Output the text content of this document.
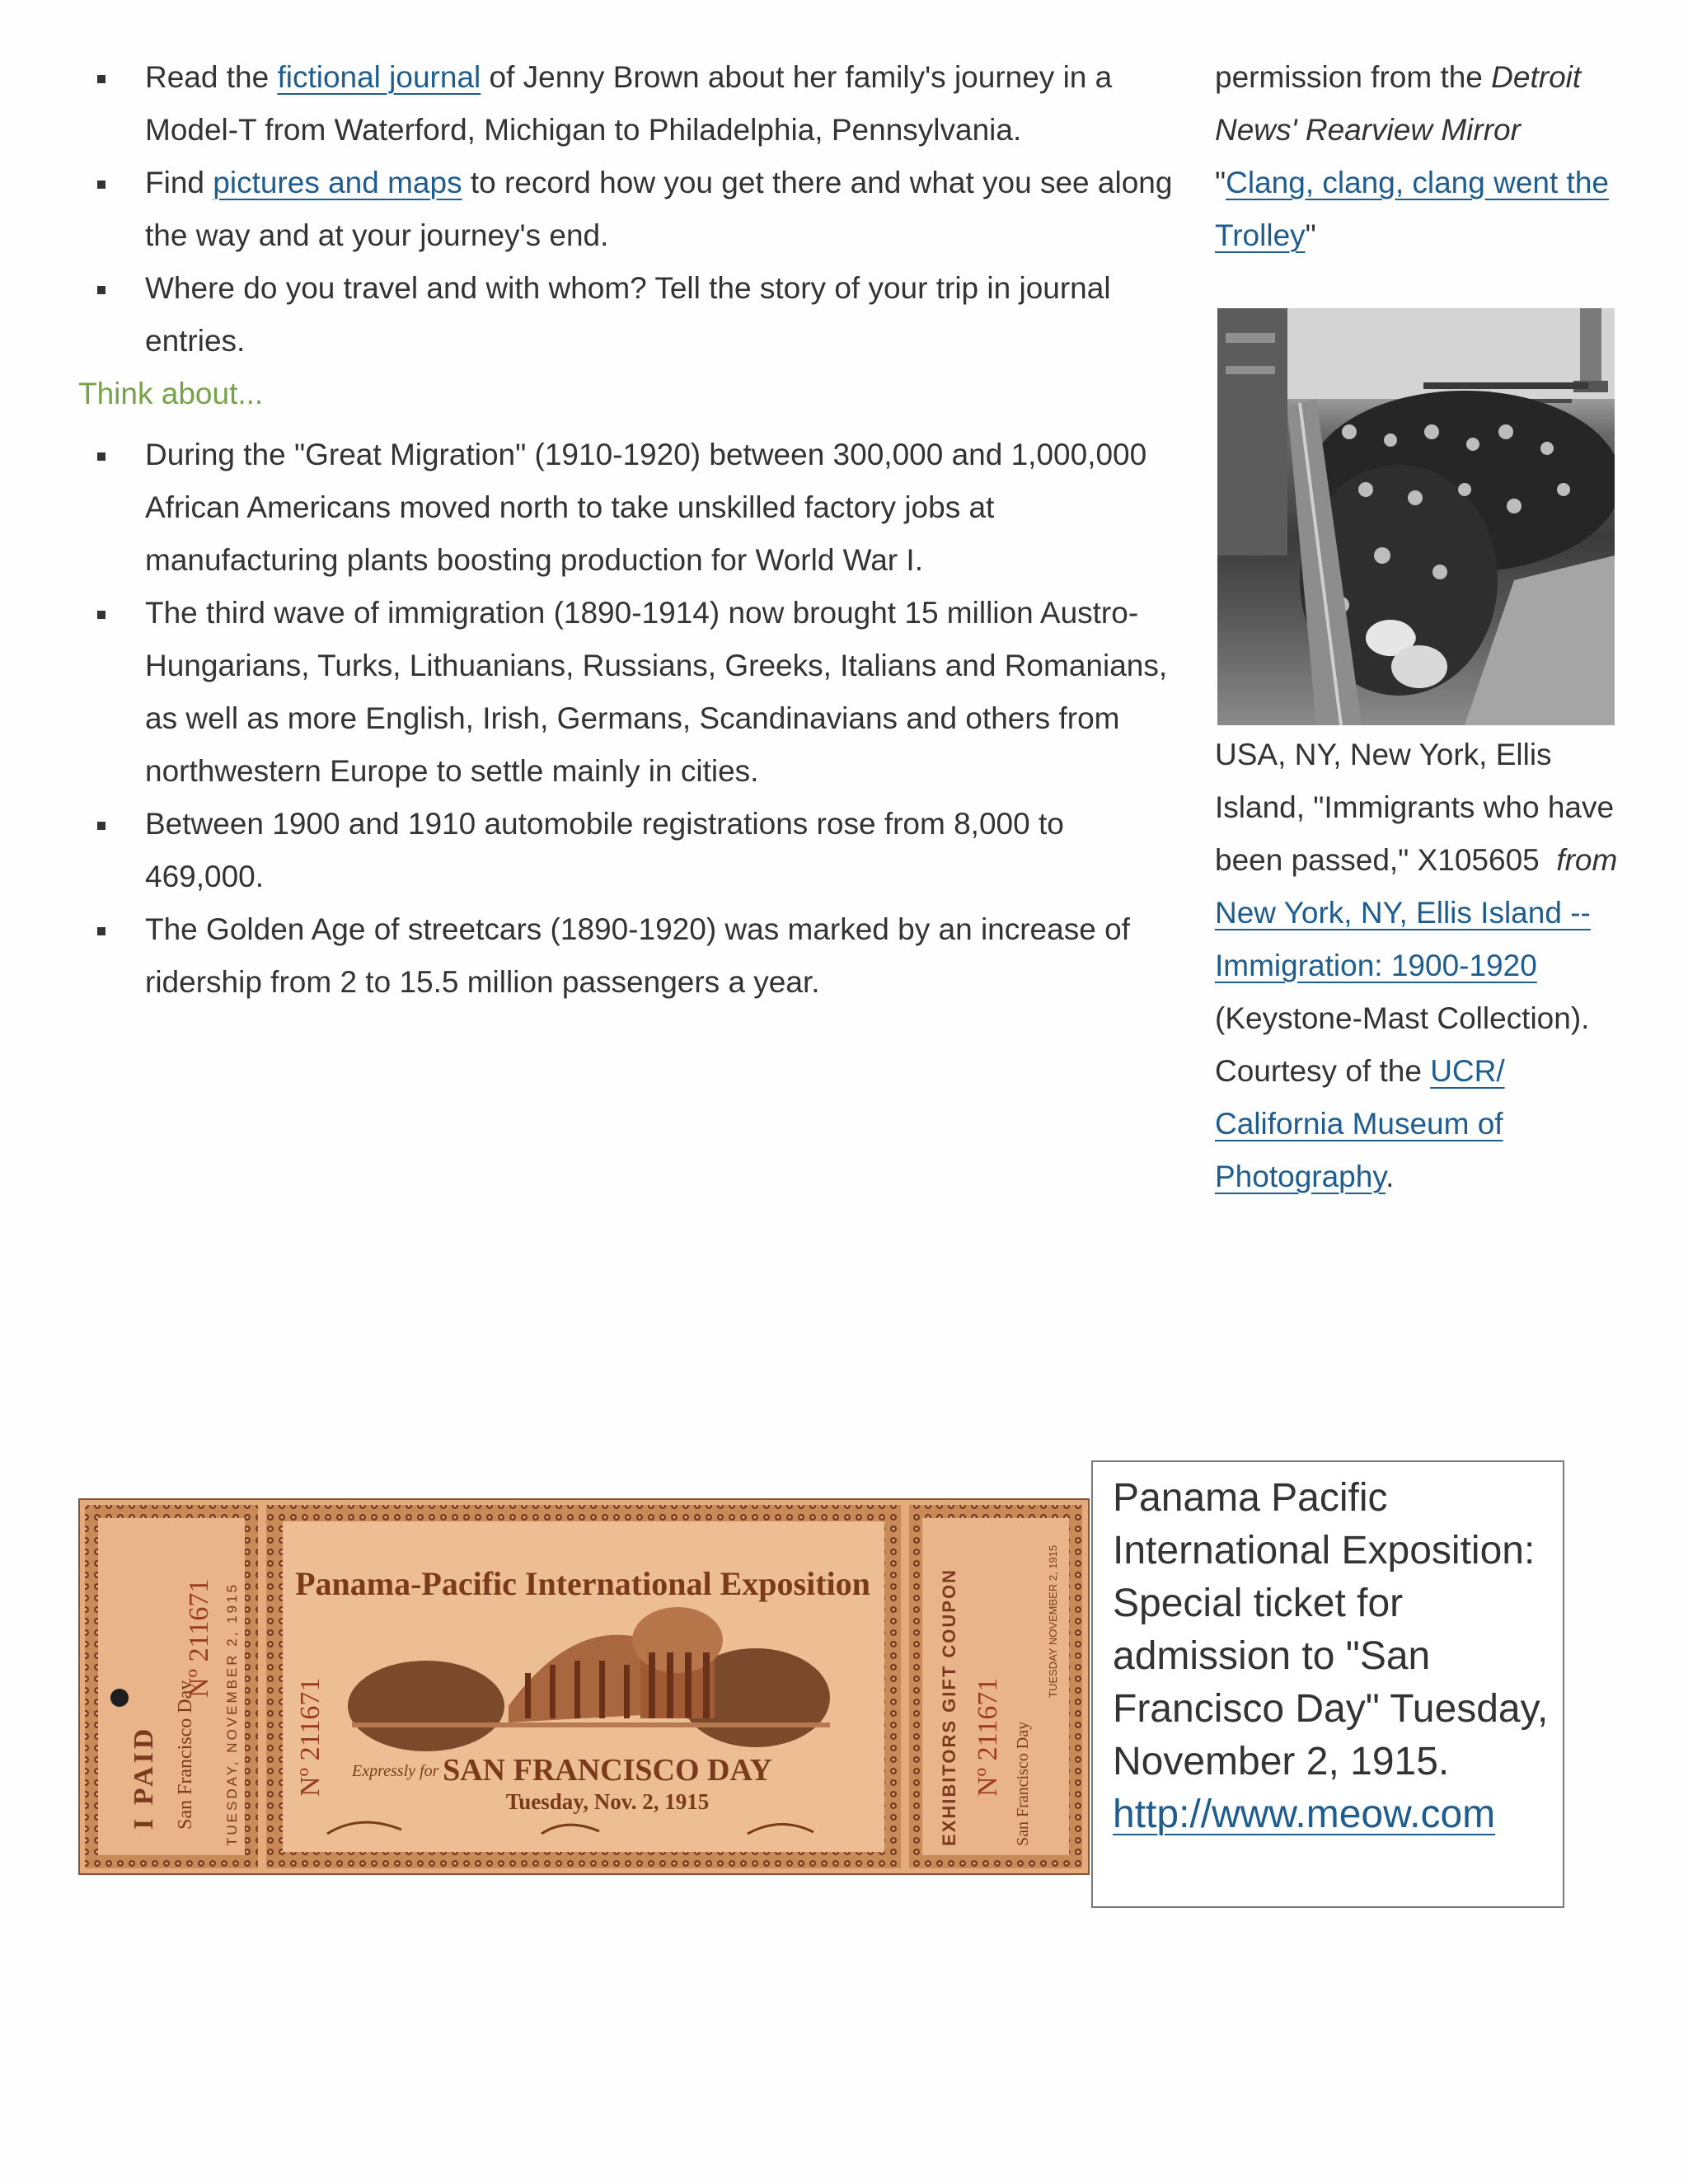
Read the fictional journal of Jenny Brown about her family's journey in a Model-T from Waterford, Michigan to Philadelphia, Pennsylvania.
Find pictures and maps to record how you get there and what you see along the way and at your journey's end.
Where do you travel and with whom? Tell the story of your trip in journal entries.
Think about...
During the "Great Migration" (1910-1920) between 300,000 and 1,000,000 African Americans moved north to take unskilled factory jobs at manufacturing plants boosting production for World War I.
The third wave of immigration (1890-1914) now brought 15 million Austro-Hungarians, Turks, Lithuanians, Russians, Greeks, Italians and Romanians, as well as more English, Irish, Germans, Scandinavians and others from northwestern Europe to settle mainly in cities.
Between 1900 and 1910 automobile registrations rose from 8,000 to 469,000.
The Golden Age of streetcars (1890-1920) was marked by an increase of ridership from 2 to 15.5 million passengers a year.

permission from the Detroit News' Rearview Mirror "Clang, clang, clang went the Trolley"

USA, NY, New York, Ellis Island, "Immigrants who have been passed," X105605 from New York, NY, Ellis Island -- Immigration: 1900-1920 (Keystone-Mast Collection). Courtesy of the UCR/ California Museum of Photography.

I PAID San Francisco Day
Nº 211671 TUESDAY, NOVEMBER 2, 1915 Nº 211671
Panama-Pacific International Exposition
Expressly for SAN FRANCISCO DAY
Tuesday, Nov. 2, 1915	EXHIBITORS GIFT COUPON Nº 211671 San Francisco Day
TUESDAY NOVEMBER 2, 1915
Panama Pacific International Exposition: Special ticket for admission to "San Francisco Day" Tuesday, November 2, 1915. http://www.meow.com
